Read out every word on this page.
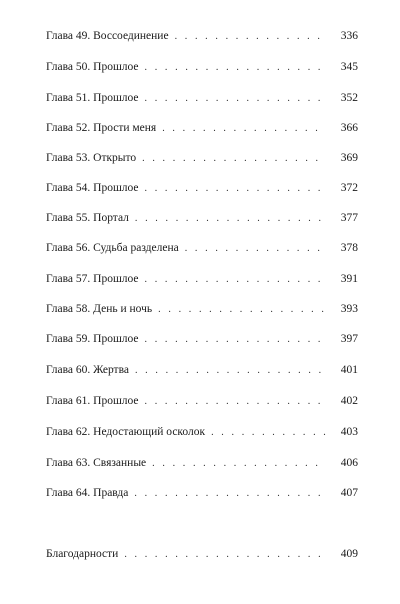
Глава 49. Воссоединение . . .	336
Глава 50. Прошлое . . .	345
Глава 51. Прошлое . . .	352
Глава 52. Прости меня . . .	366
Глава 53. Открыто . . .	369
Глава 54. Прошлое . . .	372
Глава 55. Портал . . .	377
Глава 56. Судьба разделена . . .	378
Глава 57. Прошлое . . .	391
Глава 58. День и ночь . . .	393
Глава 59. Прошлое . . .	397
Глава 60. Жертва . . .	401
Глава 61. Прошлое . . .	402
Глава 62. Недостающий осколок . . .	403
Глава 63. Связанные . . .	406
Глава 64. Правда . . .	407
Благодарности . . .	409
